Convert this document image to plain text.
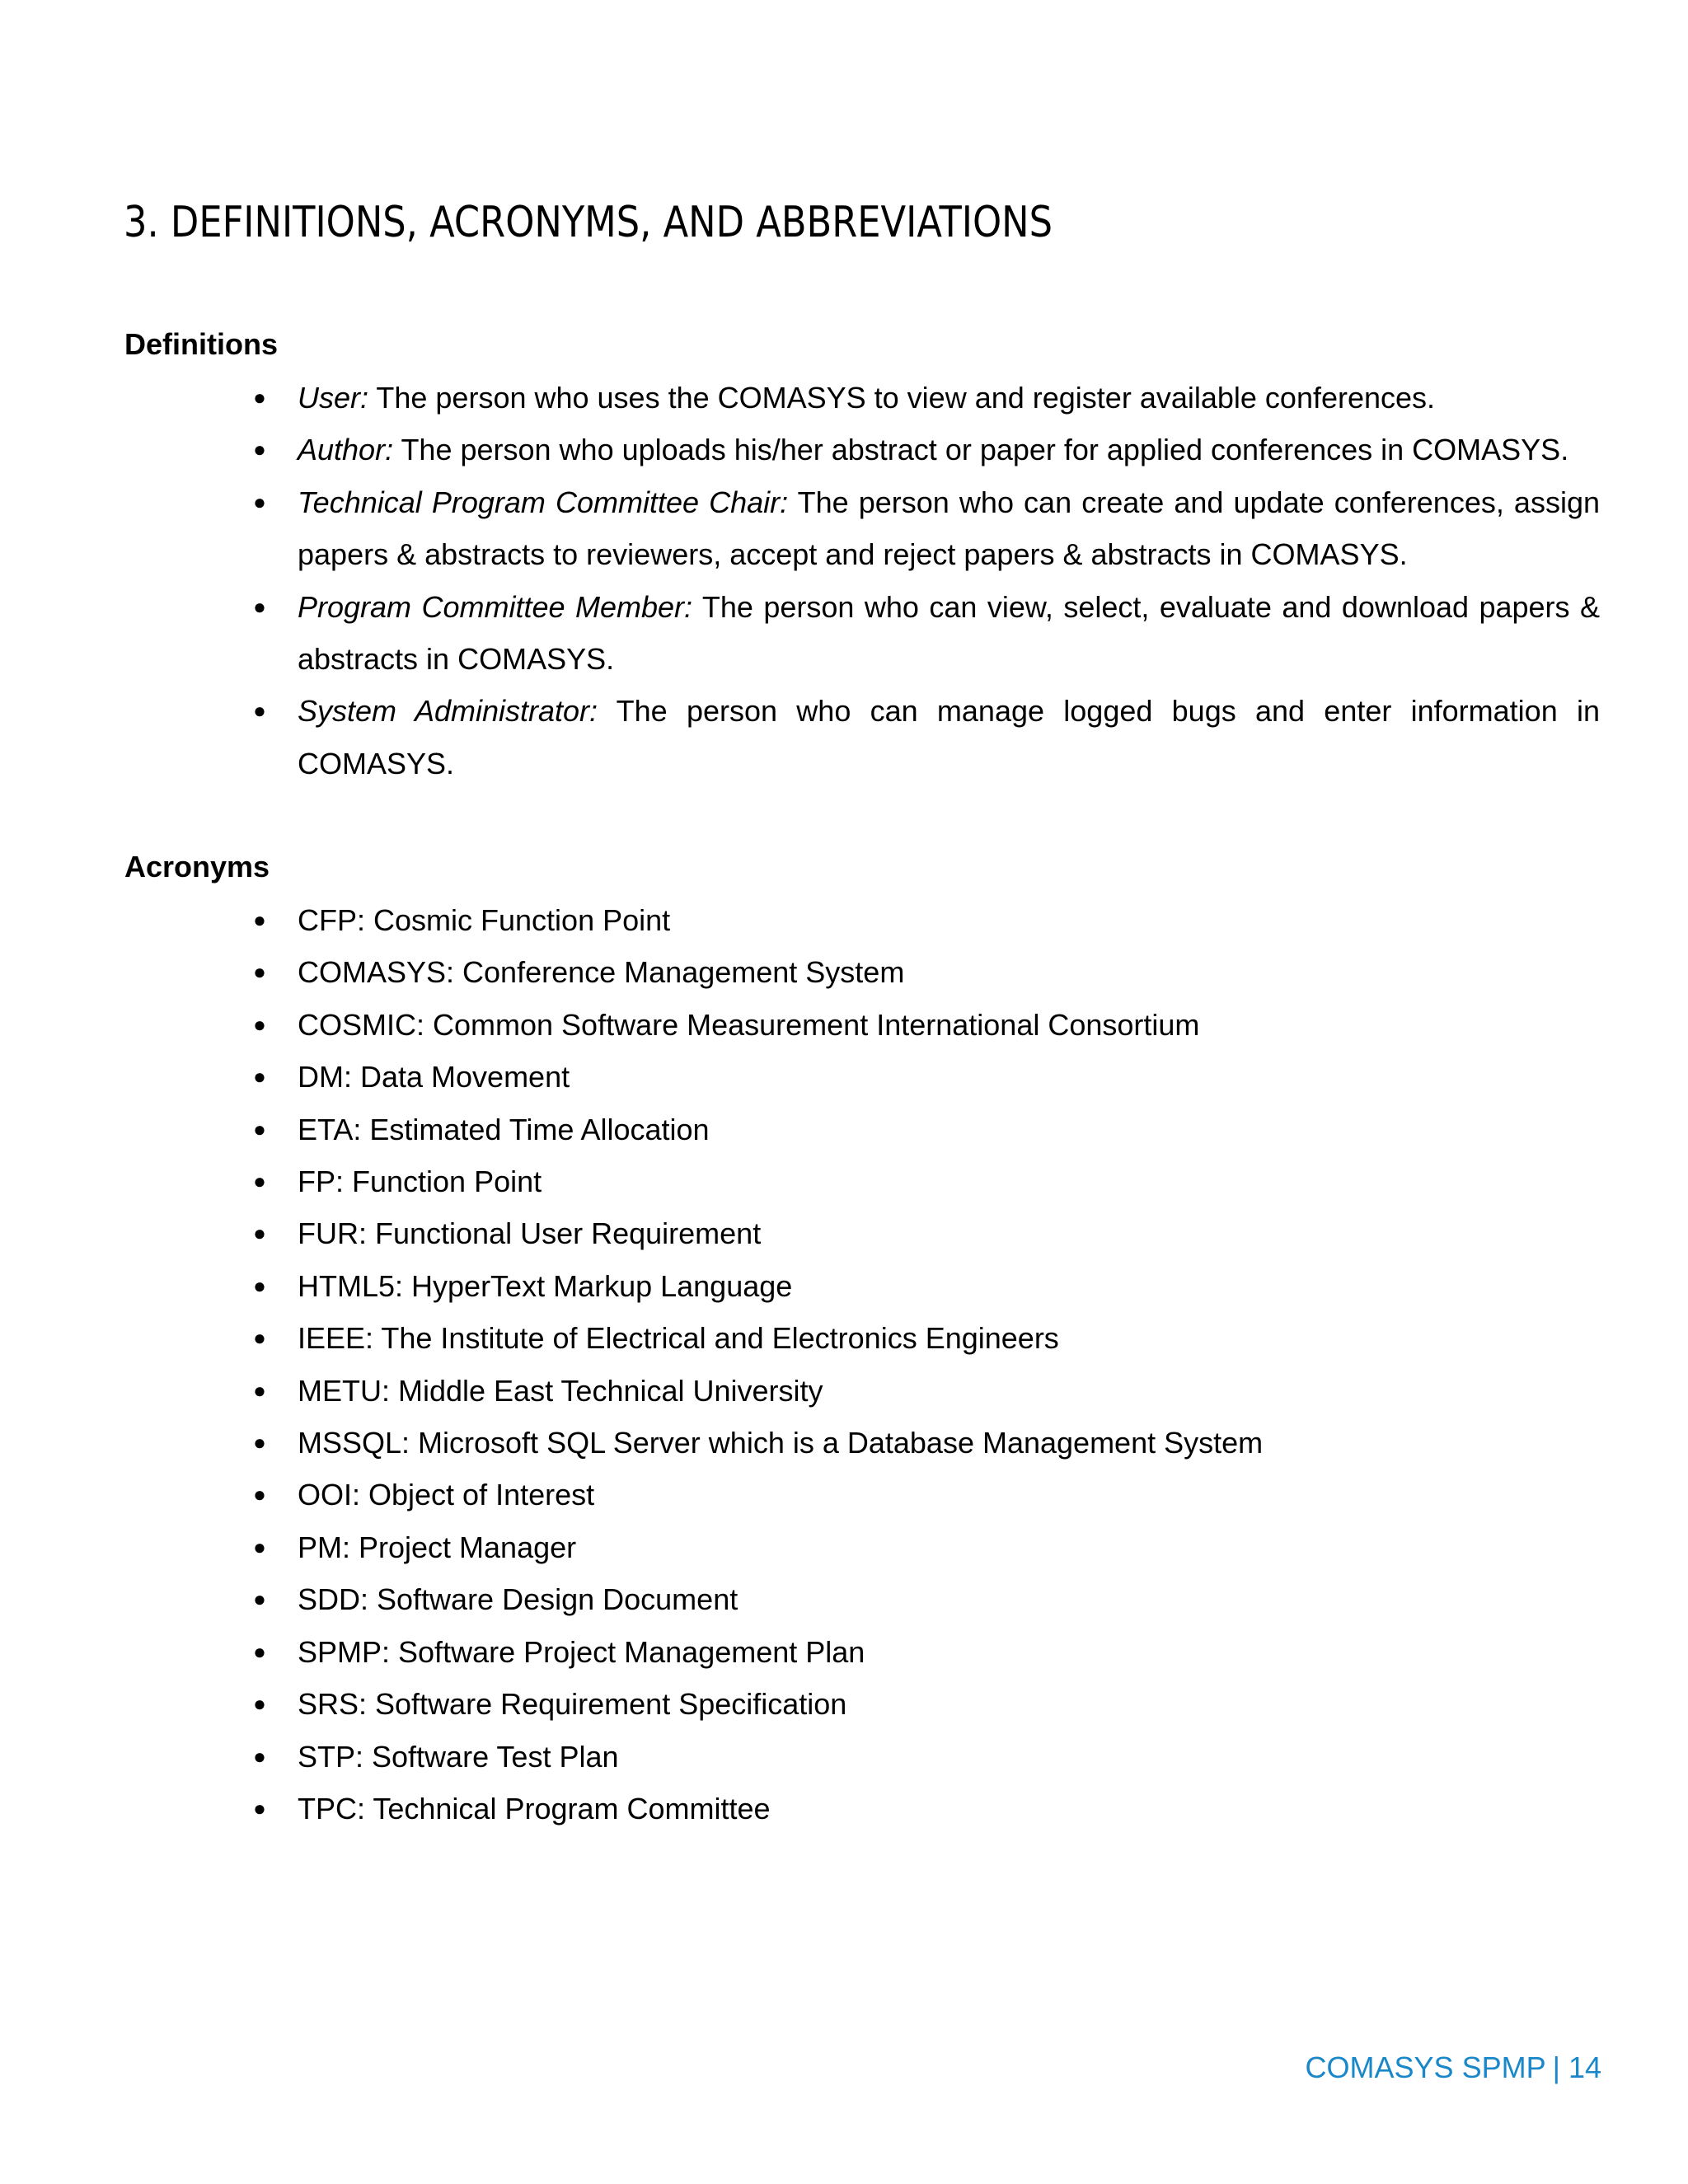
3. DEFINITIONS, ACRONYMS, AND ABBREVIATIONS
Definitions
● User: The person who uses the COMASYS to view and register available conferences.
● Author: The person who uploads his/her abstract or paper for applied conferences in COMASYS.
● Technical Program Committee Chair: The person who can create and update conferences, assign papers & abstracts to reviewers, accept and reject papers & abstracts in COMASYS.
● Program Committee Member: The person who can view, select, evaluate and download papers & abstracts in COMASYS.
● System Administrator: The person who can manage logged bugs and enter information in COMASYS.
Acronyms
● CFP: Cosmic Function Point
● COMASYS: Conference Management System
● COSMIC: Common Software Measurement International Consortium
● DM: Data Movement
● ETA: Estimated Time Allocation
● FP: Function Point
● FUR: Functional User Requirement
● HTML5: HyperText Markup Language
● IEEE: The Institute of Electrical and Electronics Engineers
● METU: Middle East Technical University
● MSSQL: Microsoft SQL Server which is a Database Management System
● OOI: Object of Interest
● PM: Project Manager
● SDD: Software Design Document
● SPMP: Software Project Management Plan
● SRS: Software Requirement Specification
● STP: Software Test Plan
● TPC: Technical Program Committee
COMASYS SPMP | 14
